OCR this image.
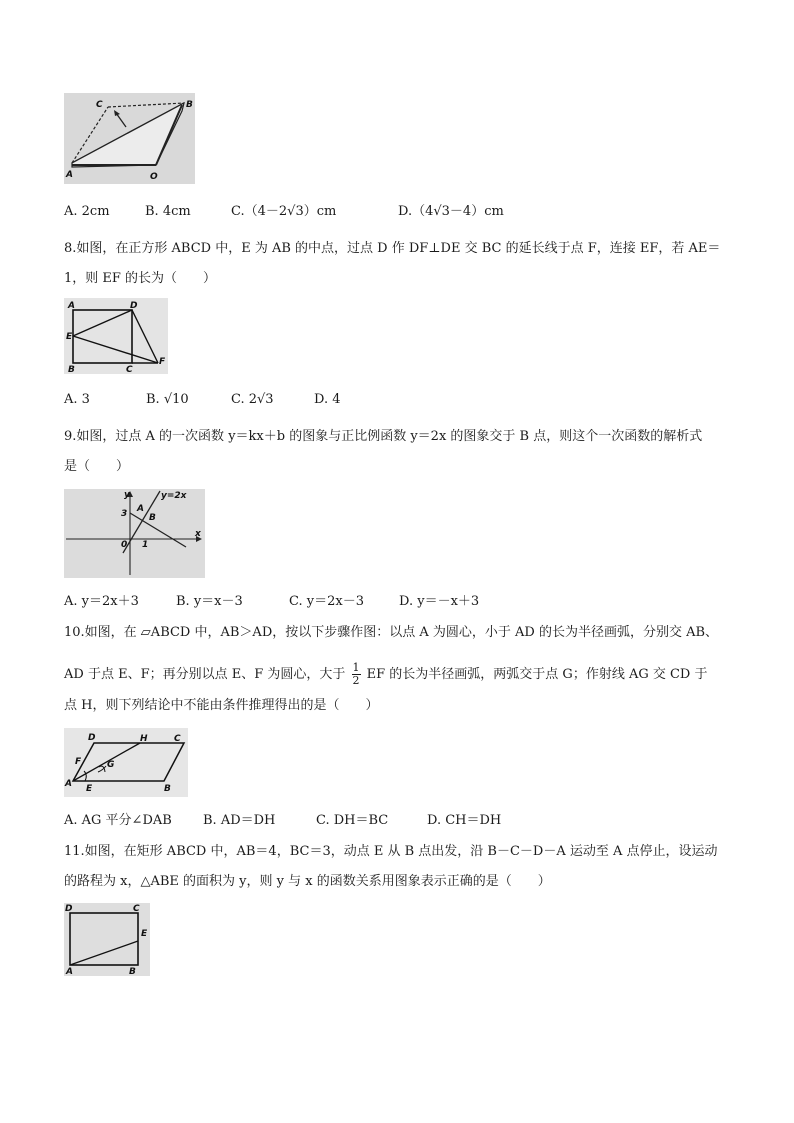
C	B
A	O
A. 2cm	B. 4cm	C.（4－2√3）cm	D.（4√3－4）cm
8.如图，在正方形 ABCD 中，E 为 AB 的中点，过点 D 作 DF⊥DE 交 BC 的延长线于点 F，连接 EF，若 AE＝
1，则 EF 的长为（　　）
A	D
E
B	C
F
A. 3	B. √10	C. 2√3	D. 4
9.如图，过点 A 的一次函数 y＝kx＋b 的图象与正比例函数 y＝2x 的图象交于 B 点，则这个一次函数的解析式
是（　　）
y	y=2x
3 A
B
0 1
x
A. y＝2x＋3	B. y＝x－3	C. y＝2x－3	D. y＝－x＋3
10.如图，在 ▱ABCD 中，AB＞AD，按以下步骤作图：以点 A 为圆心，小于 AD 的长为半径画弧，分别交 AB、
AD 于点 E、F；再分别以点 E、F 为圆心，大于 $\frac{1}{2}$ EF 的长为半径画弧，两弧交于点 G；作射线 AG 交 CD 于
点 H，则下列结论中不能由条件推理得出的是（　　）
D	H	C
F	G
A E	B
A. AG 平分∠DAB B. AD＝DH	C. DH＝BC	D. CH＝DH
11.如图，在矩形 ABCD 中，AB＝4，BC＝3，动点 E 从 B 点出发，沿 B－C－D－A 运动至 A 点停止，设运动
的路程为 x，△ABE 的面积为 y，则 y 与 x 的函数关系用图象表示正确的是（　　）
D	C
E
A	B
